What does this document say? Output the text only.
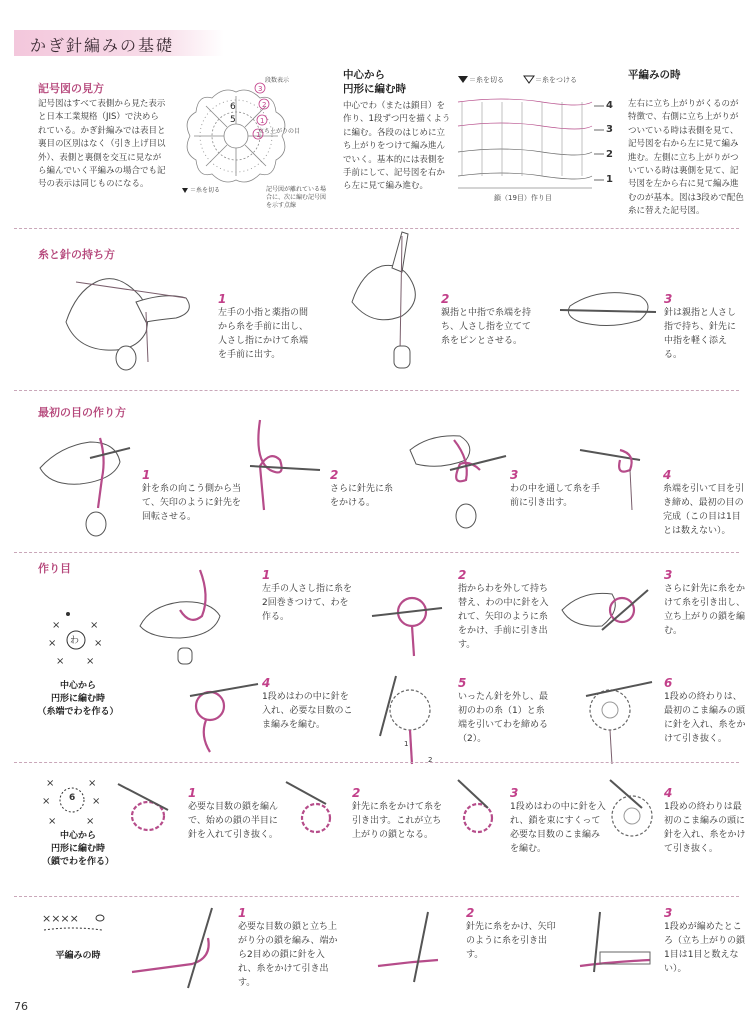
かぎ針編みの基礎
記号図の見方
記号図はすべて表側から見た表示と日本工業規格（JIS）で決められている。かぎ針編みでは表目と裏目の区別はなく（引き上げ目以外）、表側と裏側を交互に見ながら編んでいく平編みの場合でも記号の表示は同じものになる。
6
5
3
2
1
1
段数表示
立ち上がりの目
＝糸を切る	記号図が離れている場合に、次に編む記号図を示す点線
中心から
円形に編む時
中心でわ（または鎖目）を作り、1段ずつ円を描くように編む。各段のはじめに立ち上がりをつけて編み進んでいく。基本的には表側を手前にして、記号図を右から左に見て編み進む。
＝糸を切る	＝糸をつける
4
3
2
1
鎖（19目）作り目
平編みの時
左右に立ち上がりがくるのが特徴で、右側に立ち上がりがついている時は表側を見て、記号図を右から左に見て編み進む。左側に立ち上がりがついている時は裏側を見て、記号図を左から右に見て編み進むのが基本。図は3段めで配色糸に替えた記号図。
糸と針の持ち方
1
左手の小指と薬指の間から糸を手前に出し、人さし指にかけて糸端を手前に出す。
2
親指と中指で糸端を持ち、人さし指を立てて糸をピンとさせる。
3
針は親指と人さし指で持ち、針先に中指を軽く添える。
最初の目の作り方
1
針を糸の向こう側から当て、矢印のように針先を回転させる。
2
さらに針先に糸をかける。
3
わの中を通して糸を手前に引き出す。
4
糸端を引いて目を引き締め、最初の目の完成（この目は1目とは数えない）。
作り目
×	×
×	×
× ×
わ
中心から
円形に編む時
（糸端でわを作る）
1
左手の人さし指に糸を2回巻きつけて、わを作る。
2
指からわを外して持ち替え、わの中に針を入れて、矢印のように糸をかけ、手前に引き出す。
3
さらに針先に糸をかけて糸を引き出し、立ち上がりの鎖を編む。
4
1段めはわの中に針を入れ、必要な目数のこま編みを編む。
1
2
5
いったん針を外し、最初のわの糸（1）と糸端を引いてわを締める（2）。
6
1段めの終わりは、最初のこま編みの頭に針を入れ、糸をかけて引き抜く。
×	×
×	×
×	×
6
中心から
円形に編む時
（鎖でわを作る）
1
必要な目数の鎖を編んで、始めの鎖の半目に針を入れて引き抜く。
2
針先に糸をかけて糸を引き出す。これが立ち上がりの鎖となる。
3
1段めはわの中に針を入れ、鎖を束にすくって必要な目数のこま編みを編む。
4
1段めの終わりは最初のこま編みの頭に針を入れ、糸をかけて引き抜く。
××××
平編みの時
1
必要な目数の鎖と立ち上がり分の鎖を編み、端から2目めの鎖に針を入れ、糸をかけて引き出す。
2
針先に糸をかけ、矢印のように糸を引き出す。
3
1段めが編めたところ（立ち上がりの鎖1目は1目と数えない）。
76
